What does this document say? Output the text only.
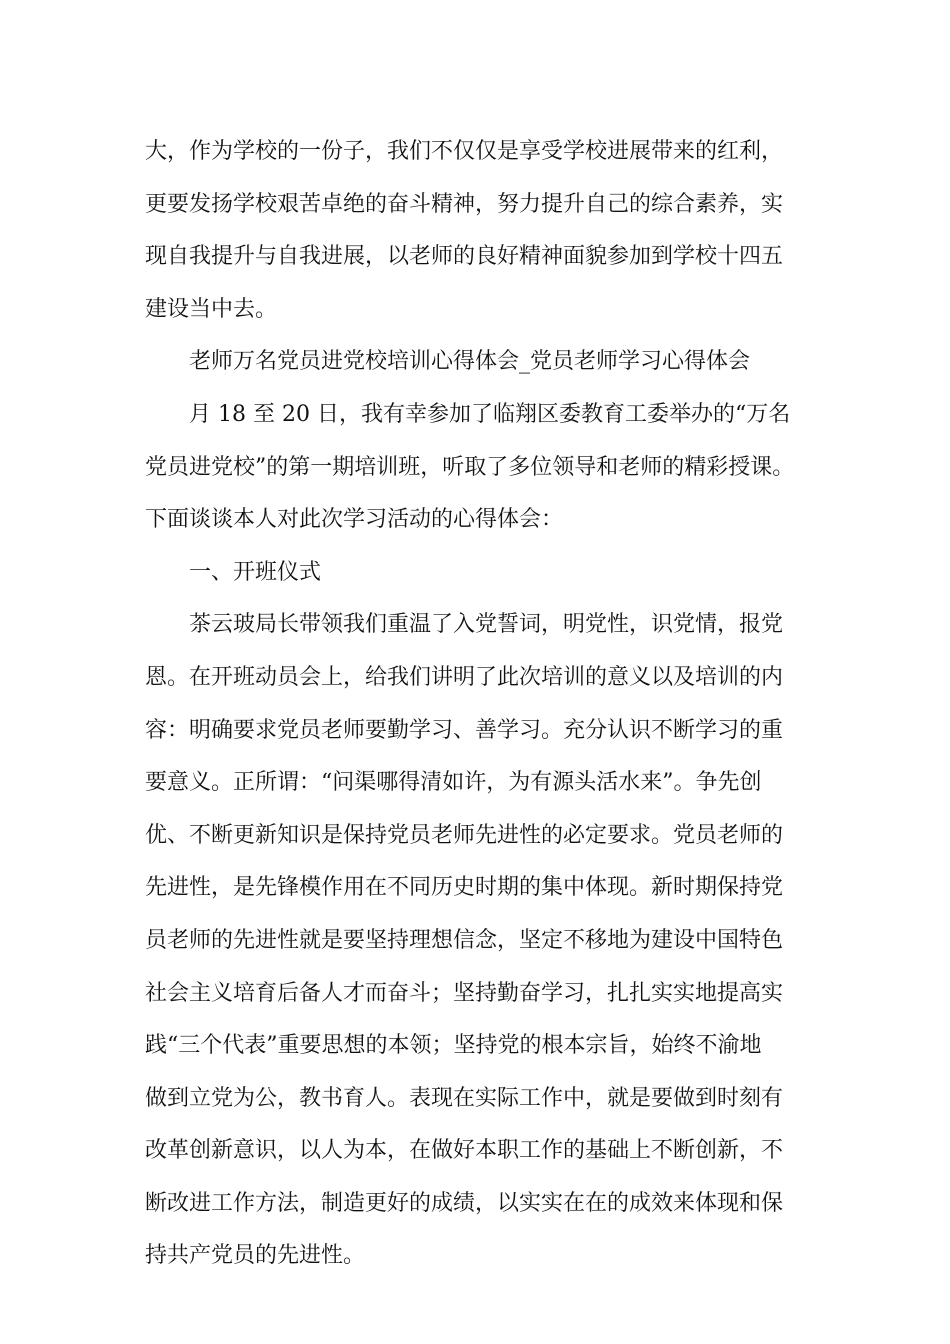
大，作为学校的一份子，我们不仅仅是享受学校进展带来的红利，
更要发扬学校艰苦卓绝的奋斗精神，努力提升自己的综合素养，实
现自我提升与自我进展，以老师的良好精神面貌参加到学校十四五
建设当中去。
老师万名党员进党校培训心得体会_党员老师学习心得体会
月 18 至 20 日，我有幸参加了临翔区委教育工委举办的“万名
党员进党校”的第一期培训班，听取了多位领导和老师的精彩授课。
下面谈谈本人对此次学习活动的心得体会：
一、开班仪式
茶云玻局长带领我们重温了入党誓词，明党性，识党情，报党
恩。在开班动员会上，给我们讲明了此次培训的意义以及培训的内
容：明确要求党员老师要勤学习、善学习。充分认识不断学习的重
要意义。正所谓：“问渠哪得清如许，为有源头活水来”。争先创
优、不断更新知识是保持党员老师先进性的必定要求。党员老师的
先进性，是先锋模作用在不同历史时期的集中体现。新时期保持党
员老师的先进性就是要坚持理想信念，坚定不移地为建设中国特色
社会主义培育后备人才而奋斗；坚持勤奋学习，扎扎实实地提高实
践“三个代表”重要思想的本领；坚持党的根本宗旨，始终不渝地
做到立党为公，教书育人。表现在实际工作中，就是要做到时刻有
改革创新意识，以人为本，在做好本职工作的基础上不断创新，不
断改进工作方法，制造更好的成绩，以实实在在的成效来体现和保
持共产党员的先进性。
